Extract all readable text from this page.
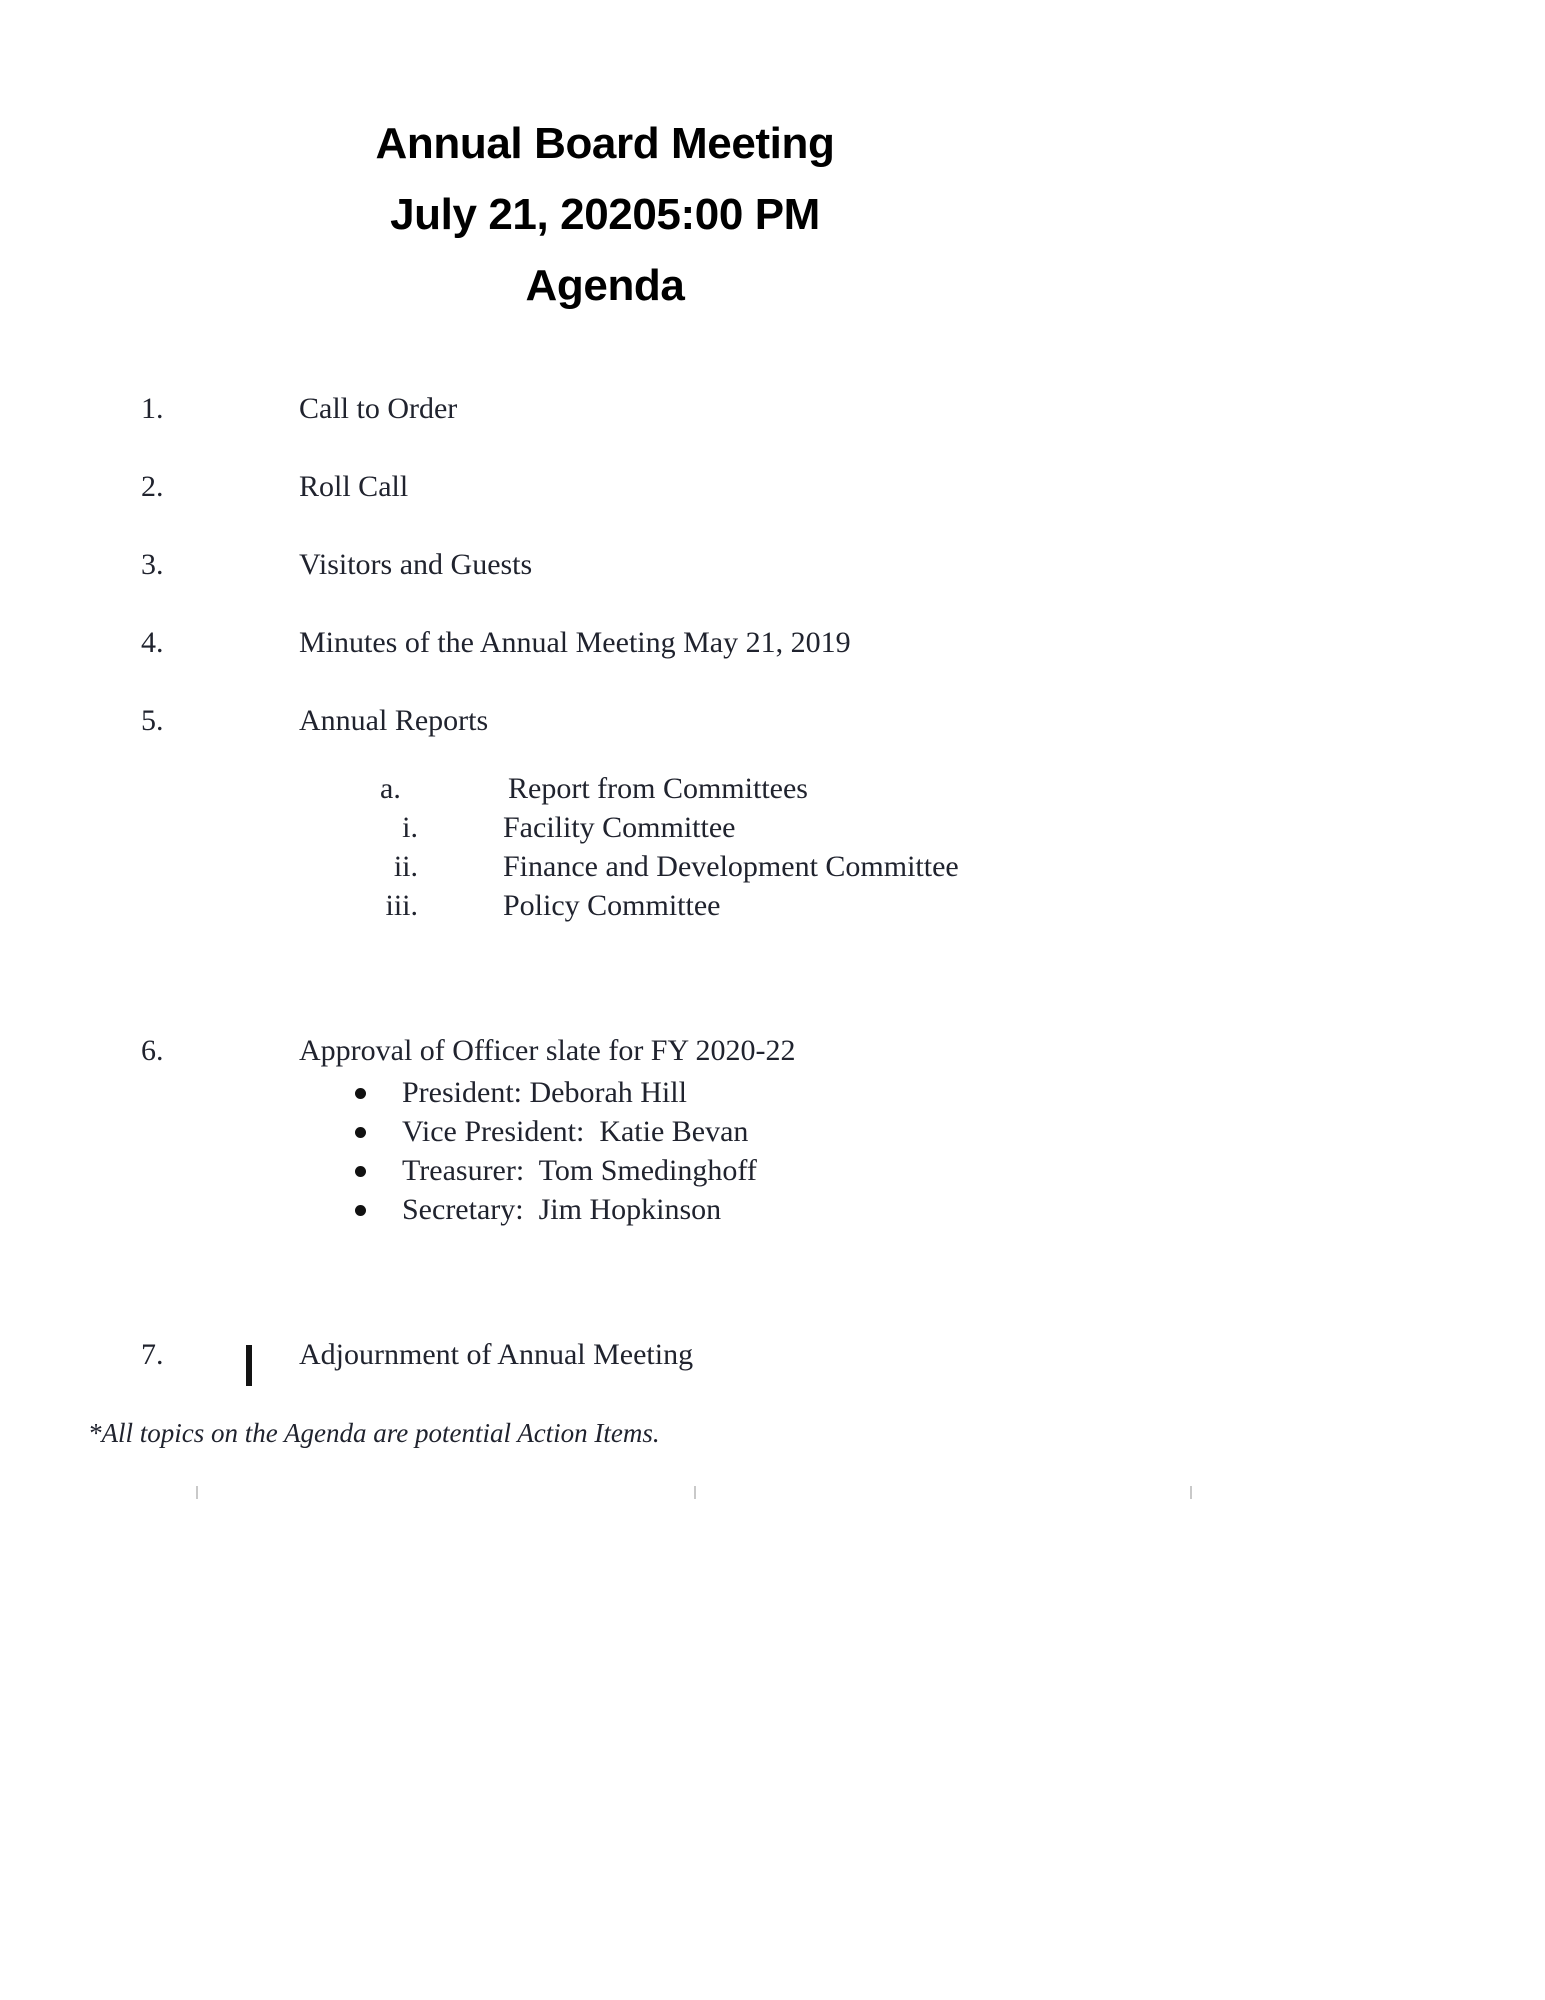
Annual Board Meeting
July 21, 20205:00 PM
Agenda
1.	Call to Order
2.	Roll Call
3.	Visitors and Guests
4.	Minutes of the Annual Meeting May 21, 2019
5.	Annual Reports
a.	Report from Committees
i.	Facility Committee
ii.	Finance and Development Committee
iii.	Policy Committee
6.	Approval of Officer slate for FY 2020-22
President: Deborah Hill
Vice President:  Katie Bevan
Treasurer:  Tom Smedinghoff
Secretary:  Jim Hopkinson
7.	Adjournment of Annual Meeting
*All topics on the Agenda are potential Action Items.
